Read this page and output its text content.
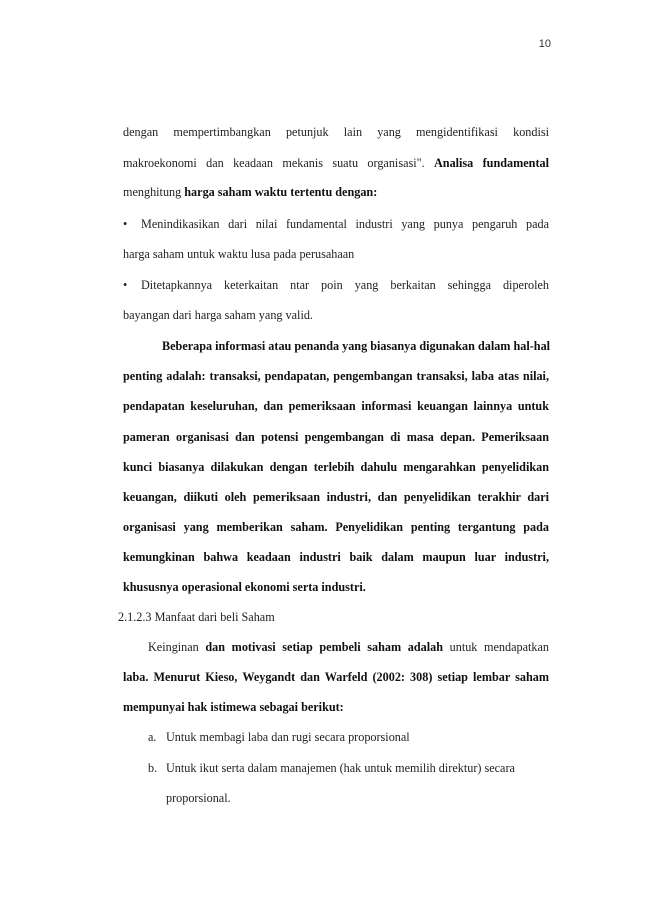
10
dengan mempertimbangkan petunjuk lain yang mengidentifikasi kondisi
makroekonomi dan keadaan mekanis suatu organisasi". Analisa fundamental
menghitung harga saham waktu tertentu dengan:
• Menindikasikan dari nilai fundamental industri yang punya pengaruh pada
harga saham untuk waktu lusa pada perusahaan
• Ditetapkannya keterkaitan ntar poin yang berkaitan sehingga diperoleh
bayangan dari harga saham yang valid.
Beberapa informasi atau penanda yang biasanya digunakan dalam hal-hal
penting adalah: transaksi, pendapatan, pengembangan transaksi, laba atas nilai,
pendapatan keseluruhan, dan pemeriksaan informasi keuangan lainnya untuk
pameran organisasi dan potensi pengembangan di masa depan. Pemeriksaan
kunci biasanya dilakukan dengan terlebih dahulu mengarahkan penyelidikan
keuangan, diikuti oleh pemeriksaan industri, dan penyelidikan terakhir dari
organisasi yang memberikan saham. Penyelidikan penting tergantung pada
kemungkinan bahwa keadaan industri baik dalam maupun luar industri,
khususnya operasional ekonomi serta industri.
2.1.2.3 Manfaat dari beli Saham
Keinginan dan motivasi setiap pembeli saham adalah untuk mendapatkan
laba. Menurut Kieso, Weygandt dan Warfeld (2002: 308) setiap lembar saham
mempunyai hak istimewa sebagai berikut:
a. Untuk membagi laba dan rugi secara proporsional
b. Untuk ikut serta dalam manajemen (hak untuk memilih direktur) secara
proporsional.
